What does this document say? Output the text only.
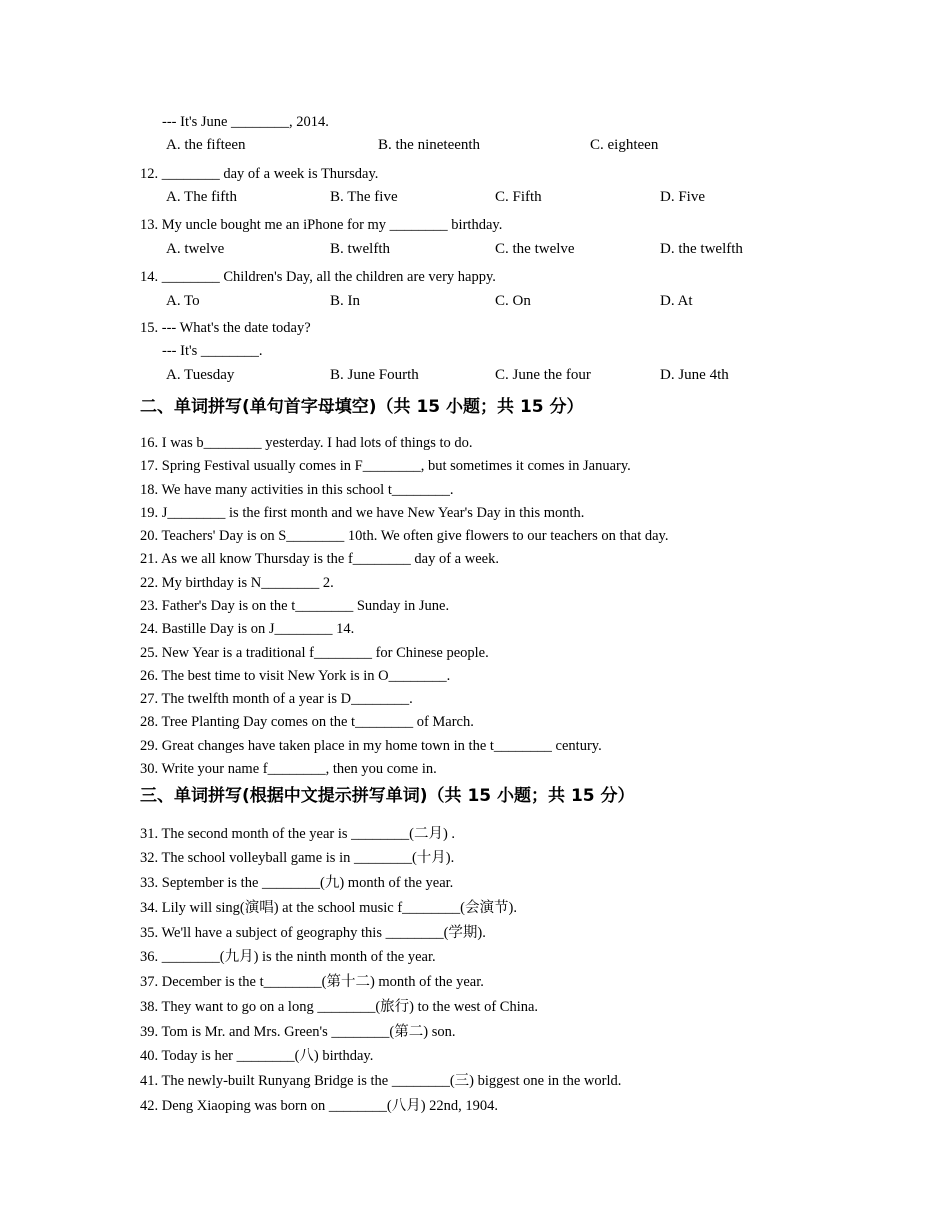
--- It's June ________, 2014.
A. the fifteen	B. the nineteenth	C. eighteen
12. ________ day of a week is Thursday.
A. The fifth	B. The five	C. Fifth	D. Five
13. My uncle bought me an iPhone for my ________ birthday.
A. twelve	B. twelfth	C. the twelve	D. the twelfth
14. ________ Children's Day, all the children are very happy.
A. To	B. In	C. On	D. At
15. --- What's the date today?
--- It's ________.
A. Tuesday	B. June Fourth	C. June the four	D. June 4th
二、单词拼写(单句首字母填空)（共 15 小题；共 15 分）
16. I was b________ yesterday. I had lots of things to do.
17. Spring Festival usually comes in F________, but sometimes it comes in January.
18. We have many activities in this school t________.
19. J________ is the first month and we have New Year's Day in this month.
20. Teachers' Day is on S________ 10th. We often give flowers to our teachers on that day.
21. As we all know Thursday is the f________ day of a week.
22. My birthday is N________ 2.
23. Father's Day is on the t________ Sunday in June.
24. Bastille Day is on J________ 14.
25. New Year is a traditional f________ for Chinese people.
26. The best time to visit New York is in O________.
27. The twelfth month of a year is D________.
28. Tree Planting Day comes on the t________ of March.
29. Great changes have taken place in my home town in the t________ century.
30. Write your name f________, then you come in.
三、单词拼写(根据中文提示拼写单词)（共 15 小题；共 15 分）
31. The second month of the year is ________(二月) .
32. The school volleyball game is in ________(十月).
33. September is the ________(九) month of the year.
34. Lily will sing(演唱) at the school music f________(会演节).
35. We'll have a subject of geography this ________(学期).
36. ________(九月) is the ninth month of the year.
37. December is the t________(第十二) month of the year.
38. They want to go on a long ________(旅行) to the west of China.
39. Tom is Mr. and Mrs. Green's ________(第二) son.
40. Today is her ________(八) birthday.
41. The newly-built Runyang Bridge is the ________(三) biggest one in the world.
42. Deng Xiaoping was born on ________(八月) 22nd, 1904.
